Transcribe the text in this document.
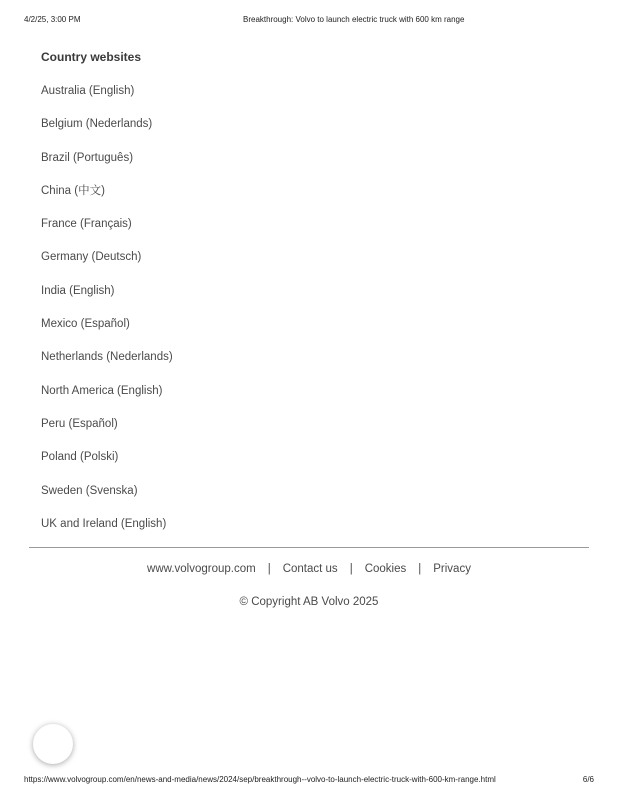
4/2/25, 3:00 PM	Breakthrough: Volvo to launch electric truck with 600 km range
Country websites
Australia (English)
Belgium (Nederlands)
Brazil (Português)
China (中文)
France (Français)
Germany (Deutsch)
India (English)
Mexico (Español)
Netherlands (Nederlands)
North America (English)
Peru (Español)
Poland (Polski)
Sweden (Svenska)
UK and Ireland (English)
www.volvogroup.com | Contact us | Cookies | Privacy
© Copyright AB Volvo 2025
https://www.volvogroup.com/en/news-and-media/news/2024/sep/breakthrough--volvo-to-launch-electric-truck-with-600-km-range.html	6/6
